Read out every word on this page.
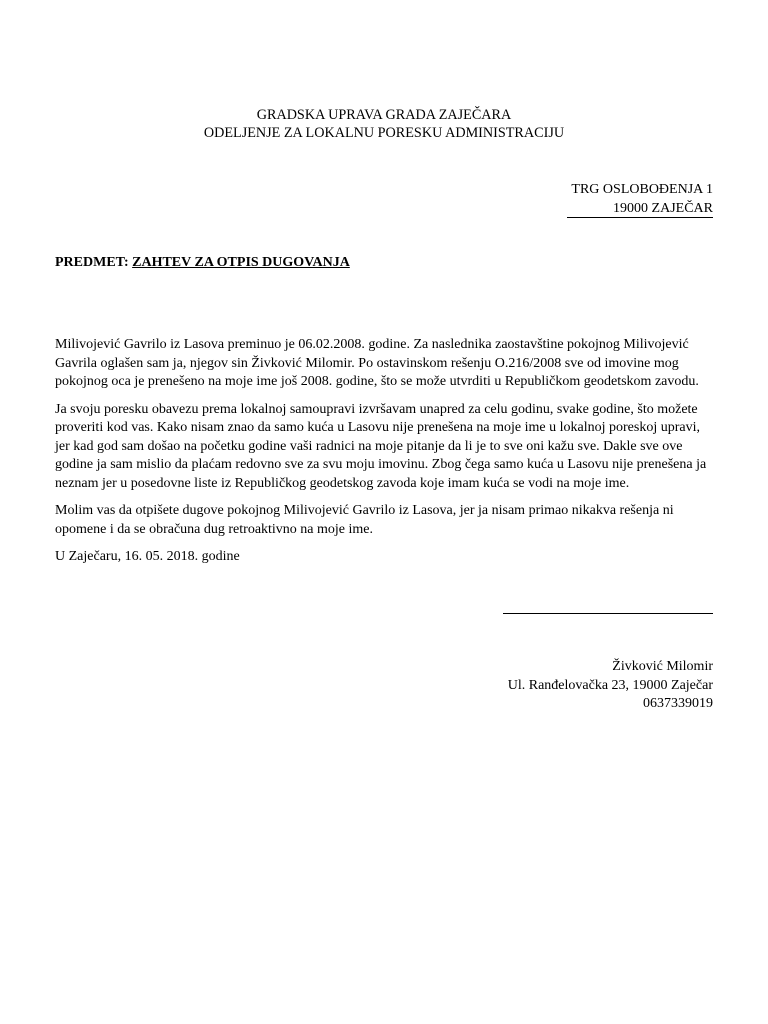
GRADSKA UPRAVA GRADA ZAJEČARA
ODELJENJE ZA LOKALNU PORESKU ADMINISTRACIJU
TRG OSLOBOĐENJA 1
19000 ZAJEČAR
PREDMET: ZAHTEV ZA OTPIS DUGOVANJA

Milivojević Gavrilo iz Lasova preminuo je 06.02.2008. godine. Za naslednika zaostavštine pokojnog Milivojević Gavrila oglašen sam ja, njegov sin Živković Milomir. Po ostavinskom rešenju O.216/2008 sve od imovine mog pokojnog oca je prenešeno na moje ime još 2008. godine, što se može utvrditi u Republičkom geodetskom zavodu.

Ja svoju poresku obavezu prema lokalnoj samoupravi izvršavam unapred za celu godinu, svake godine, što možete proveriti kod vas. Kako nisam znao da samo kuća u Lasovu nije prenešena na moje ime u lokalnoj poreskoj upravi, jer kad god sam došao na početku godine vaši radnici na moje pitanje da li je to sve oni kažu sve. Dakle sve ove godine ja sam mislio da plaćam redovno sve za svu moju imovinu. Zbog čega samo kuća u Lasovu nije prenešena ja neznam jer u posedovne liste iz Republičkog geodetskog zavoda koje imam kuća se vodi na moje ime.

Molim vas da otpišete dugove pokojnog Milivojević Gavrilo iz Lasova, jer ja nisam primao nikakva rešenja ni opomene i da se obračuna dug retroaktivno na moje ime.

U Zaječaru, 16. 05. 2018. godine

Živković Milomir
Ul. Ranđelovačka 23, 19000 Zaječar
0637339019
